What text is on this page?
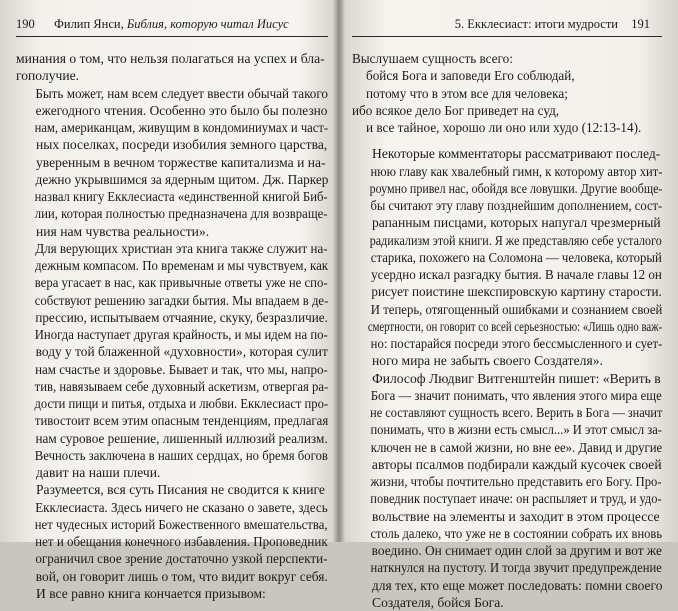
190 Филип Янси, Библия, которую читал Иисус

минания о том, что нельзя полагаться на успех и бла-
гополучие.

Быть может, нам всем следует ввести обычай такого
ежегодного чтения. Особенно это было бы полезно
нам, американцам, живущим в кондоминиумах и част-
ных поселках, посреди изобилия земного царства,
уверенным в вечном торжестве капитализма и на-
дежно укрывшимся за ядерным щитом. Дж. Паркер
назвал книгу Екклесиаста «единственной книгой Биб-
лии, которая полностью предназначена для возвраще-
ния нам чувства реальности».

Для верующих христиан эта книга также служит на-
дежным компасом. По временам и мы чувствуем, как
вера угасает в нас, как привычные ответы уже не спо-
собствуют решению загадки бытия. Мы впадаем в де-
прессию, испытываем отчаяние, скуку, безразличие.
Иногда наступает другая крайность, и мы идем на по-
воду у той блаженной «духовности», которая сулит
нам счастье и здоровье. Бывает и так, что мы, напро-
тив, навязываем себе духовный аскетизм, отвергая ра-
дости пищи и питья, отдыха и любви. Екклесиаст про-
тивостоит всем этим опасным тенденциям, предлагая
нам суровое решение, лишенный иллюзий реализм.
Вечность заключена в наших сердцах, но бремя богов
давит на наши плечи.

Разумеется, вся суть Писания не сводится к книге
Екклесиаста. Здесь ничего не сказано о завете, здесь
нет чудесных историй Божественного вмешательства,
нет и обещания конечного избавления. Проповедник
ограничил свое зрение достаточно узкой перспекти-
вой, он говорит лишь о том, что видит вокруг себя.
И все равно книга кончается призывом:

5. Екклесиаст: итоги мудрости 191
Выслушаем сущность всего:
бойся Бога и заповеди Его соблюдай,
потому что в этом все для человека;
ибо всякое дело Бог приведет на суд,
и все тайное, хорошо ли оно или худо (12:13-14).

Некоторые комментаторы рассматривают послед-
нюю главу как хвалебный гимн, к которому автор хит-
роумно привел нас, обойдя все ловушки. Другие вообще-
бы считают эту главу позднейшим дополнением, сост-
рапанным писцами, которых напугал чрезмерный
радикализм этой книги. Я же представляю себе усталого
старика, похожего на Соломона — человека, который
усердно искал разгадку бытия. В начале главы 12 он
рисует поистине шекспировскую картину старости.
И теперь, отягощенный ошибками и сознанием своей
смертности, он говорит со всей серьезностью: «Лишь одно важ-
но: постарайся посреди этого бессмысленного и сует-
ного мира не забыть своего Создателя».

Философ Людвиг Витгенштейн пишет: «Верить в
Бога — значит понимать, что явления этого мира еще
не составляют сущность всего. Верить в Бога — значит
понимать, что в жизни есть смысл...» И этот смысл за-
ключен не в самой жизни, но вне ее». Давид и другие
авторы псалмов подбирали каждый кусочек своей
жизни, чтобы почтительно представить его Богу. Про-
поведник поступает иначе: он распыляет и труд, и удо-
вольствие на элементы и заходит в этом процессе
столь далеко, что уже не в состоянии собрать их вновь
воедино. Он снимает один слой за другим и вот же
наткнулся на пустоту. И тогда звучит предупреждение
для тех, кто еще может последовать: помни своего
Создателя, бойся Бога.
